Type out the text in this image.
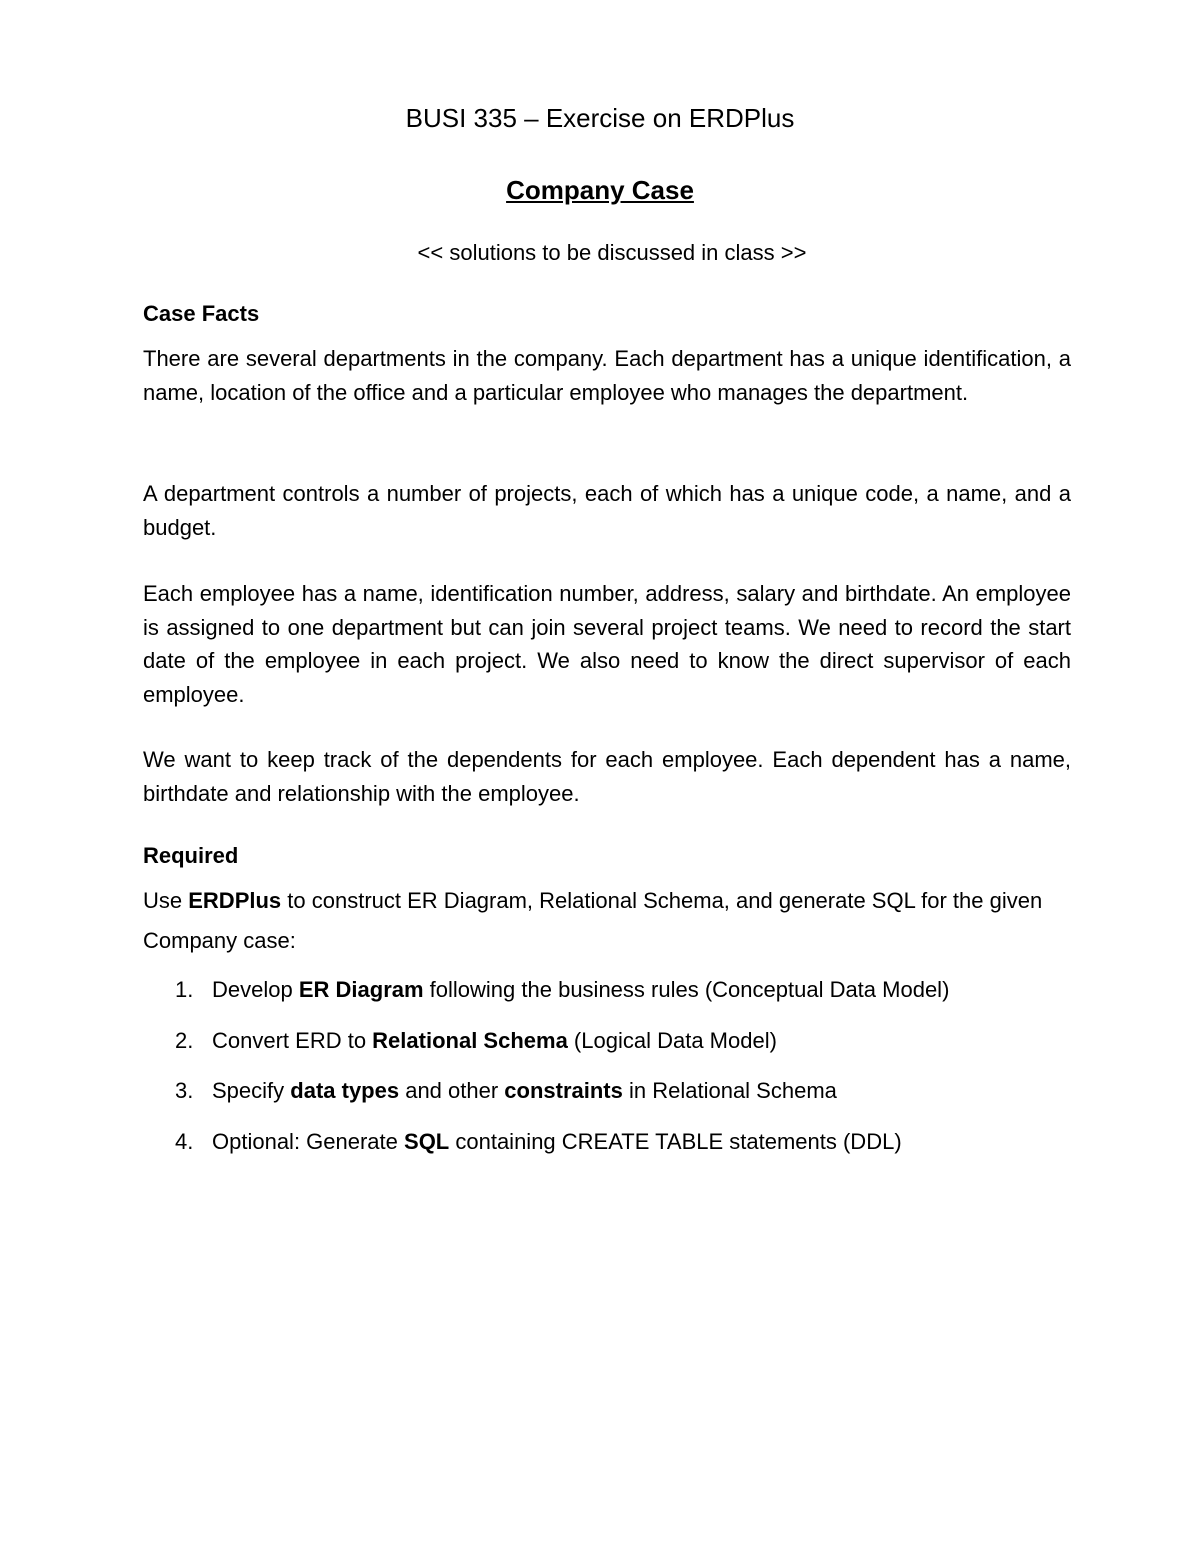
BUSI 335 – Exercise on ERDPlus
Company Case
<< solutions to be discussed in class >>
Case Facts
There are several departments in the company. Each department has a unique identification, a name, location of the office and a particular employee who manages the department.
A department controls a number of projects, each of which has a unique code, a name, and a budget.
Each employee has a name, identification number, address, salary and birthdate. An employee is assigned to one department but can join several project teams. We need to record the start date of the employee in each project. We also need to know the direct supervisor of each employee.
We want to keep track of the dependents for each employee. Each dependent has a name, birthdate and relationship with the employee.
Required
Use ERDPlus to construct ER Diagram, Relational Schema, and generate SQL for the given Company case:
1. Develop ER Diagram following the business rules (Conceptual Data Model)
2. Convert ERD to Relational Schema (Logical Data Model)
3. Specify data types and other constraints in Relational Schema
4. Optional: Generate SQL containing CREATE TABLE statements (DDL)
